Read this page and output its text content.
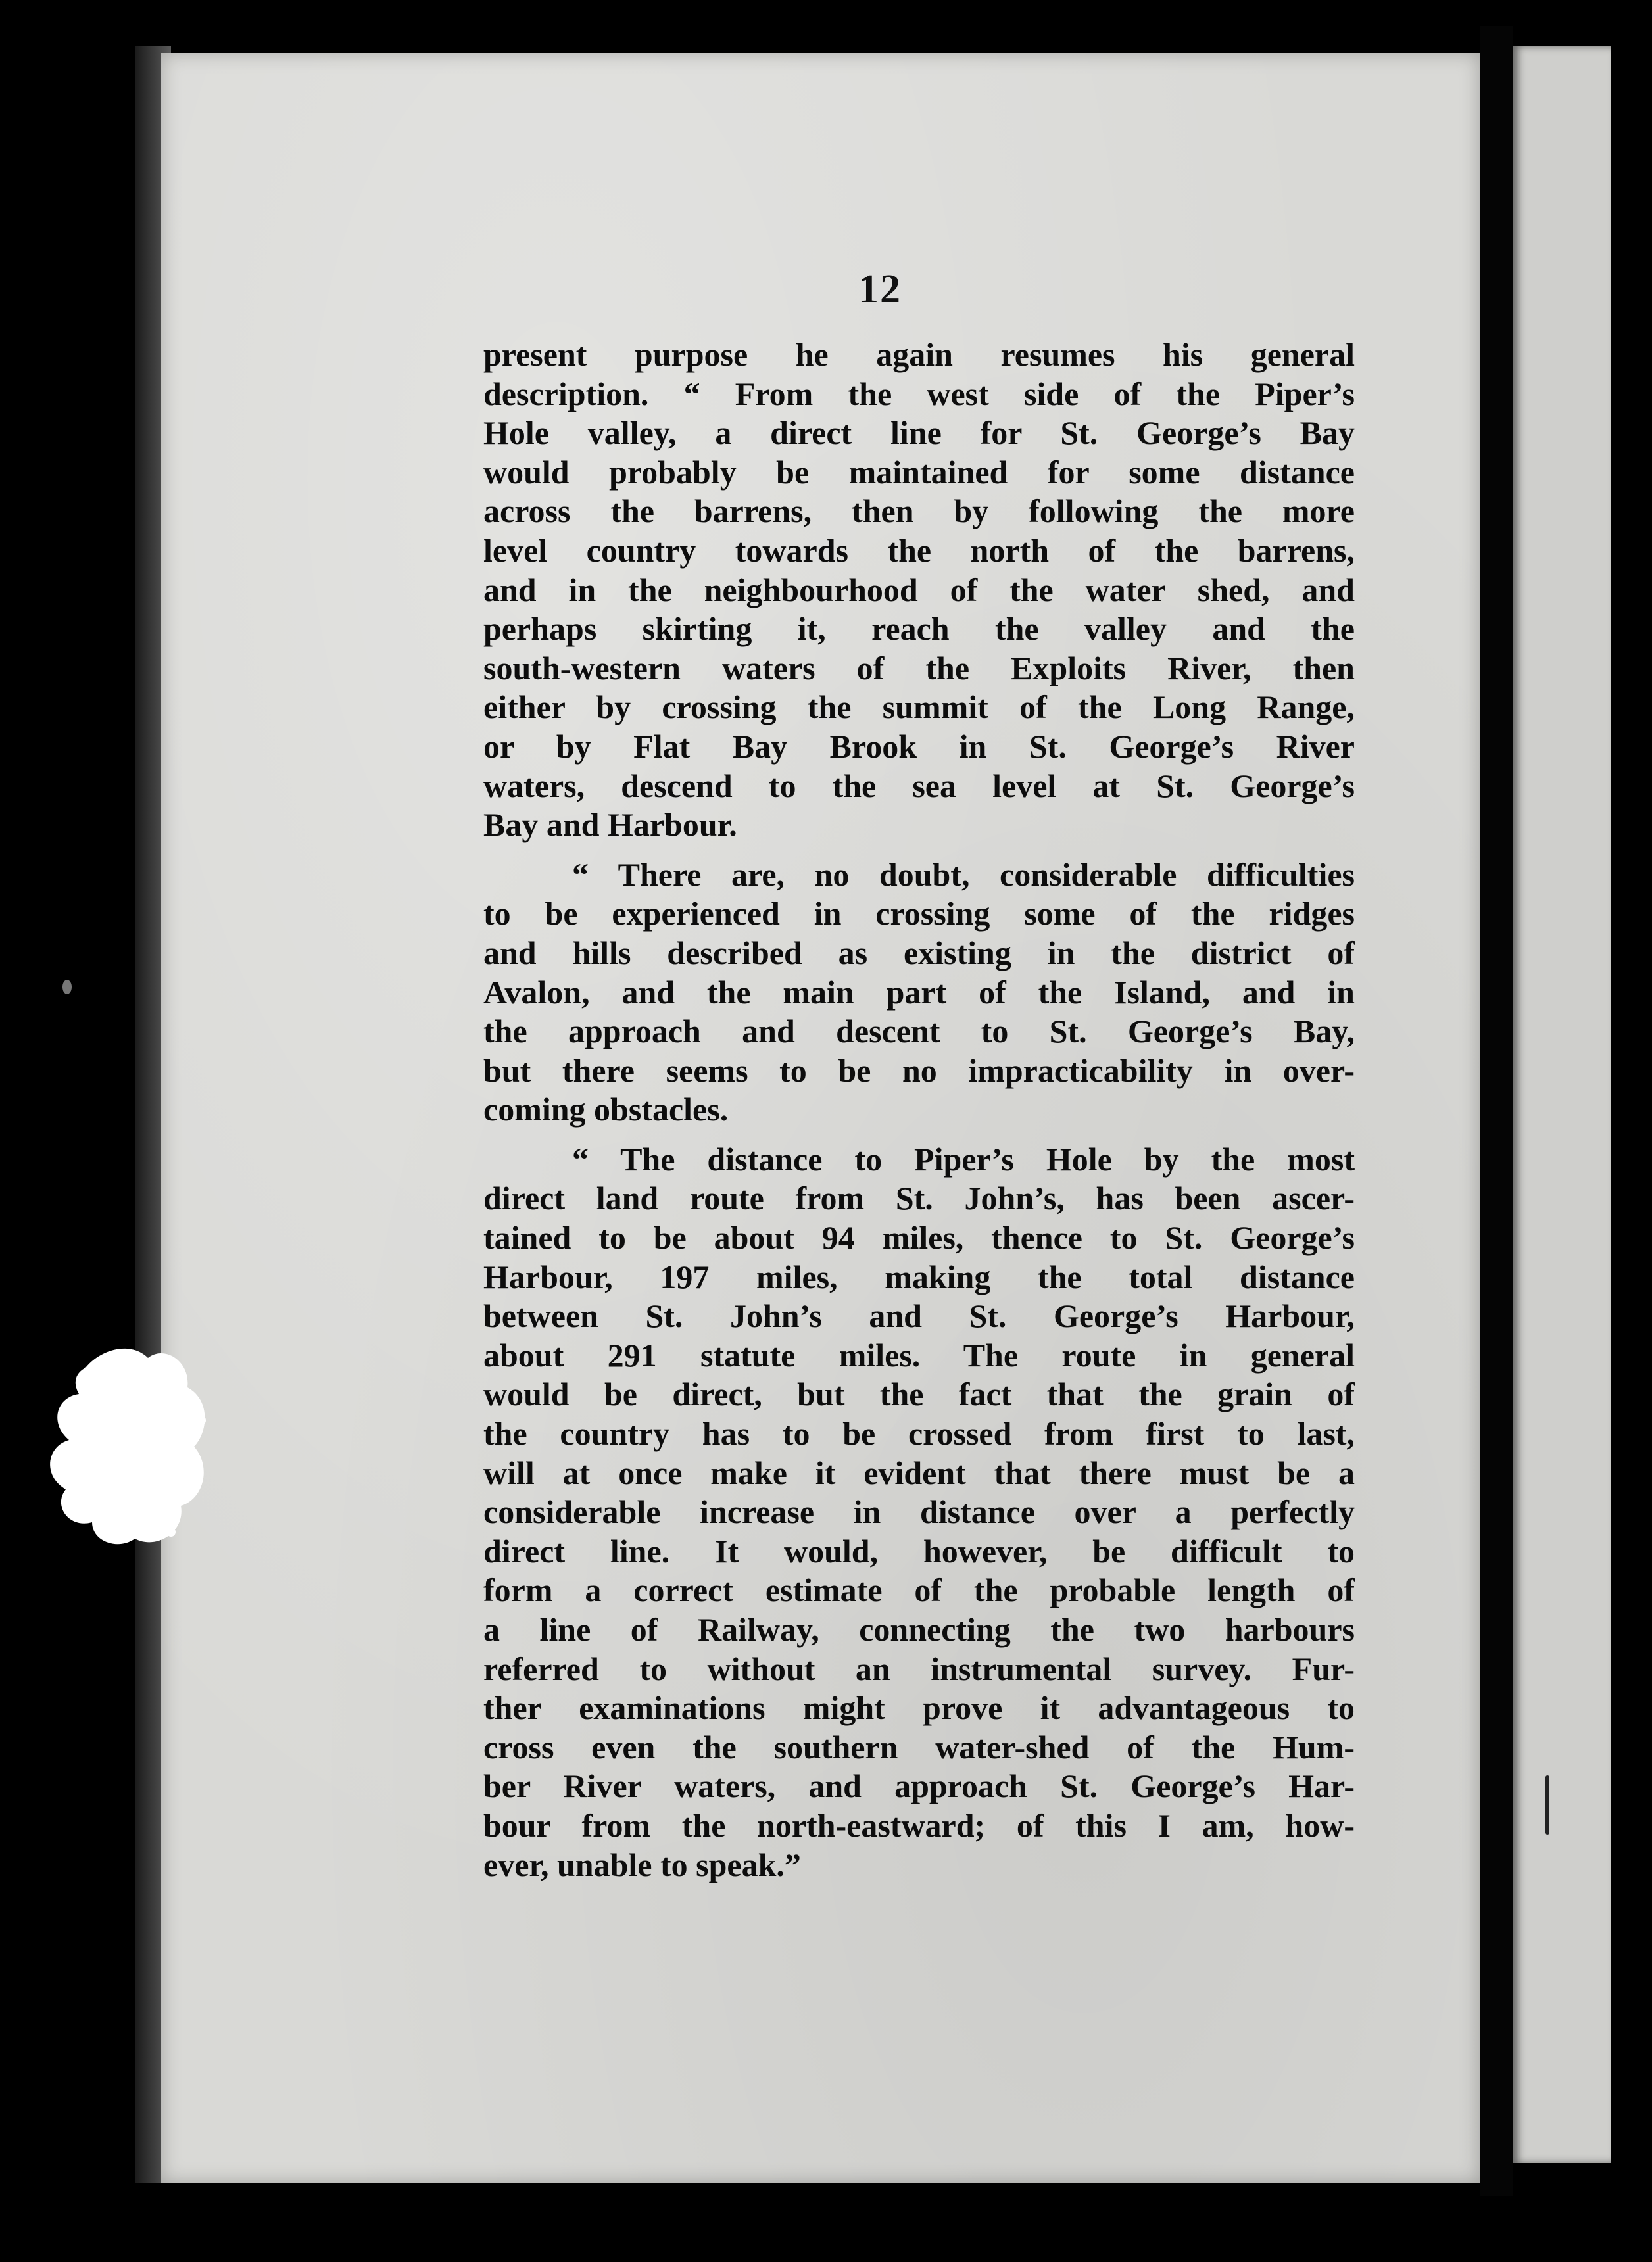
12
present purpose he again resumes his general
description. “ From the west side of the Piper’s
Hole valley, a direct line for St. George’s Bay
would probably be maintained for some distance
across the barrens, then by following the more
level country towards the north of the barrens,
and in the neighbourhood of the water shed, and
perhaps skirting it, reach the valley and the
south-western waters of the Exploits River, then
either by crossing the summit of the Long Range,
or by Flat Bay Brook in St. George’s River
waters, descend to the sea level at St. George’s
Bay and Harbour.
“ There are, no doubt, considerable difficulties
to be experienced in crossing some of the ridges
and hills described as existing in the district of
Avalon, and the main part of the Island, and in
the approach and descent to St. George’s Bay,
but there seems to be no impracticability in over-
coming obstacles.
“ The distance to Piper’s Hole by the most
direct land route from St. John’s, has been ascer-
tained to be about 94 miles, thence to St. George’s
Harbour, 197 miles, making the total distance
between St. John’s and St. George’s Harbour,
about 291 statute miles. The route in general
would be direct, but the fact that the grain of
the country has to be crossed from first to last,
will at once make it evident that there must be a
considerable increase in distance over a perfectly
direct line. It would, however, be difficult to
form a correct estimate of the probable length of
a line of Railway, connecting the two harbours
referred to without an instrumental survey. Fur-
ther examinations might prove it advantageous to
cross even the southern water-shed of the Hum-
ber River waters, and approach St. George’s Har-
bour from the north-eastward; of this I am, how-
ever, unable to speak.”
